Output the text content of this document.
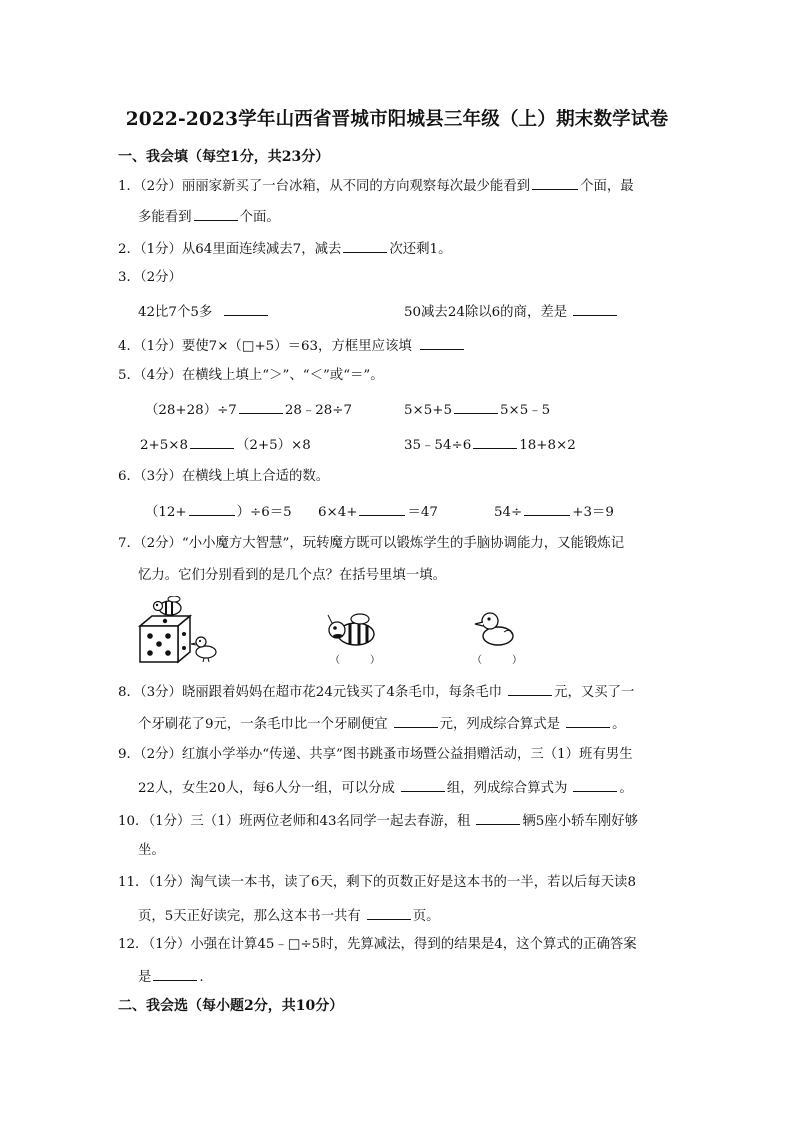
2022-2023学年山西省晋城市阳城县三年级（上）期末数学试卷
一、我会填（每空1分，共23分）
1．（2分）丽丽家新买了一台冰箱，从不同的方向观察每次最少能看到	个面，最
多能看到	个面。
2．（1分）从64里面连续减去7，减去	次还剩1。
3．（2分）
42比7个5多	50减去24除以6的商，差是
4．（1分）要使7×（□+5）＝63，方框里应该填
5．（4分）在横线上填上“＞”、“＜”或“＝”。
（28+28）÷7	28﹣28÷7	5×5+5	5×5﹣5
2+5×8	（2+5）×8	35﹣54÷6	18+8×2
6．（3分）在横线上填上合适的数。
（12+	）÷6＝5 6×4+	＝47	54÷	+3＝9
7．（2分）“小小魔方大智慧”，玩转魔方既可以锻炼学生的手脑协调能力，又能锻炼记
忆力。它们分别看到的是几个点？在括号里填一填。
（　　　）	（　　　）
8．（3分）晓丽跟着妈妈在超市花24元钱买了4条毛巾，每条毛巾	元，又买了一
个牙刷花了9元，一条毛巾比一个牙刷便宜	元，列成综合算式是	。
9．（2分）红旗小学举办“传递、共享”图书跳蚤市场暨公益捐赠活动，三（1）班有男生
22人，女生20人，每6人分一组，可以分成	组，列成综合算式为	。
10．（1分）三（1）班两位老师和43名同学一起去春游，租	辆5座小轿车刚好够
坐。
11．（1分）淘气读一本书，读了6天，剩下的页数正好是这本书的一半，若以后每天读8
页，5天正好读完，那么这本书一共有	页。
12．（1分）小强在计算45﹣□÷5时，先算减法，得到的结果是4，这个算式的正确答案
是	.
二、我会选（每小题2分，共10分）
